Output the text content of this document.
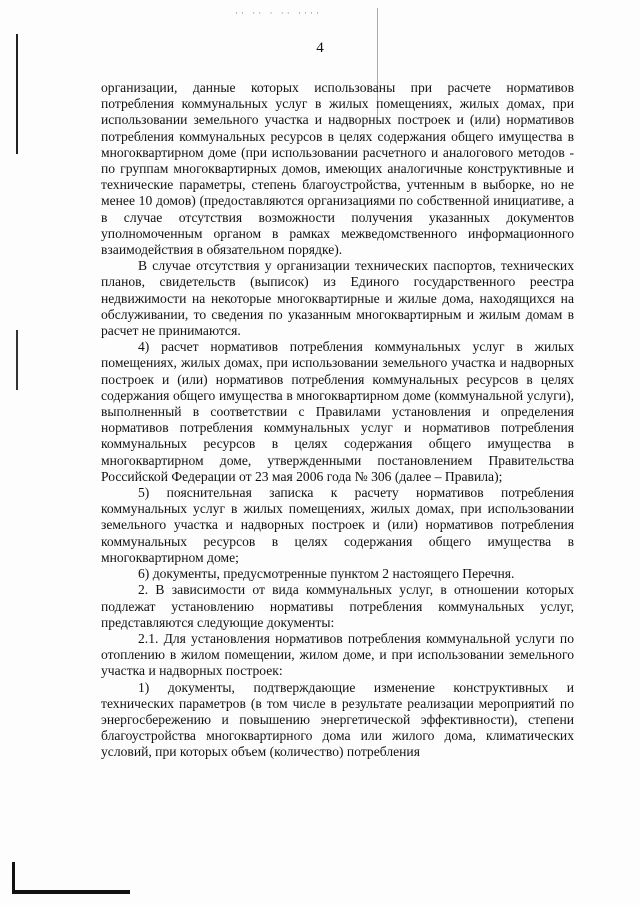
·· ·· · ·· ····
4

организации, данные которых использованы при расчете нормативов потребления коммунальных услуг в жилых помещениях, жилых домах, при использовании земельного участка и надворных построек и (или) нормативов потребления коммунальных ресурсов в целях содержания общего имущества в многоквартирном доме (при использовании расчетного и аналогового методов - по группам многоквартирных домов, имеющих аналогичные конструктивные и технические параметры, степень благоустройства, учтенным в выборке, но не менее 10 домов) (предоставляются организациями по собственной инициативе, а в случае отсутствия возможности получения указанных документов уполномоченным органом в рамках межведомственного информационного взаимодействия в обязательном порядке).

В случае отсутствия у организации технических паспортов, технических планов, свидетельств (выписок) из Единого государственного реестра недвижимости на некоторые многоквартирные и жилые дома, находящихся на обслуживании, то сведения по указанным многоквартирным и жилым домам в расчет не принимаются.

4) расчет нормативов потребления коммунальных услуг в жилых помещениях, жилых домах, при использовании земельного участка и надворных построек и (или) нормативов потребления коммунальных ресурсов в целях содержания общего имущества в многоквартирном доме (коммунальной услуги), выполненный в соответствии с Правилами установления и определения нормативов потребления коммунальных услуг и нормативов потребления коммунальных ресурсов в целях содержания общего имущества в многоквартирном доме, утвержденными постановлением Правительства Российской Федерации от 23 мая 2006 года № 306 (далее – Правила);

5) пояснительная записка к расчету нормативов потребления коммунальных услуг в жилых помещениях, жилых домах, при использовании земельного участка и надворных построек и (или) нормативов потребления коммунальных ресурсов в целях содержания общего имущества в многоквартирном доме;

6) документы, предусмотренные пунктом 2 настоящего Перечня.

2. В зависимости от вида коммунальных услуг, в отношении которых подлежат установлению нормативы потребления коммунальных услуг, представляются следующие документы:

2.1. Для установления нормативов потребления коммунальной услуги по отоплению в жилом помещении, жилом доме, и при использовании земельного участка и надворных построек:

1) документы, подтверждающие изменение конструктивных и технических параметров (в том числе в результате реализации мероприятий по энергосбережению и повышению энергетической эффективности), степени благоустройства многоквартирного дома или жилого дома, климатических условий, при которых объем (количество) потребления
